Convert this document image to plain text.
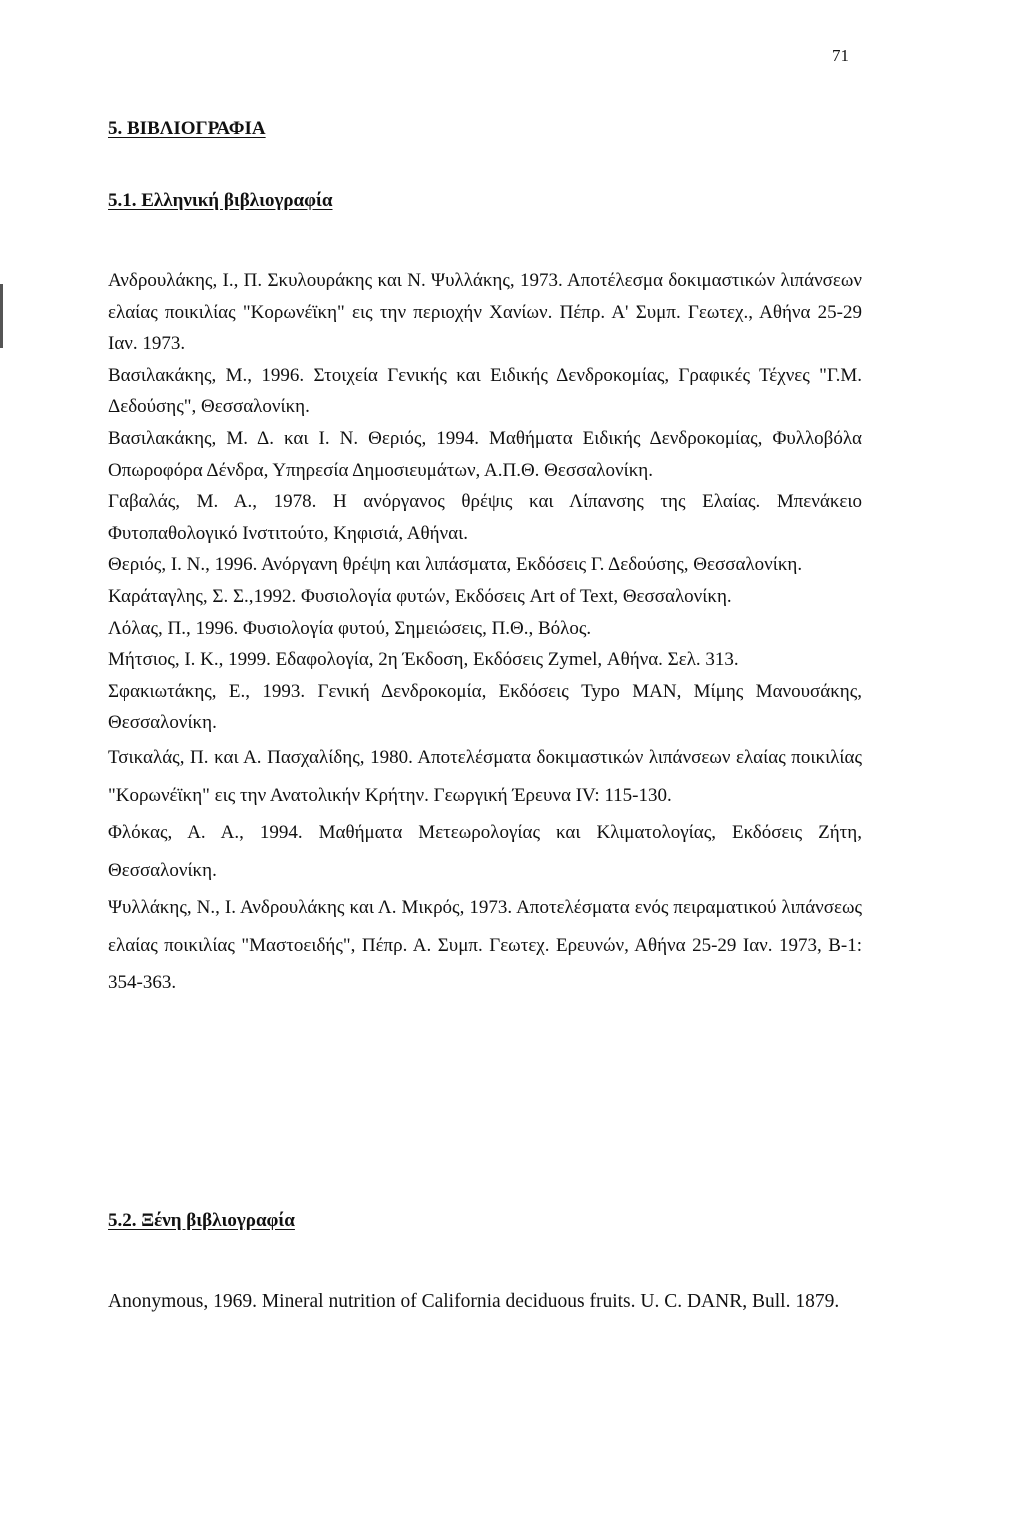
71
5. ΒΙΒΛΙΟΓΡΑΦΙΑ
5.1. Ελληνική βιβλιογραφία

Ανδρουλάκης, Ι., Π. Σκυλουράκης και Ν. Ψυλλάκης, 1973. Αποτέλεσμα δοκιμαστικών λιπάνσεων ελαίας ποικιλίας "Κορωνέϊκη" εις την περιοχήν Χανίων. Πέπρ. Α' Συμπ. Γεωτεχ., Αθήνα 25-29 Ιαν. 1973.

Βασιλακάκης, Μ., 1996. Στοιχεία Γενικής και Ειδικής Δενδροκομίας, Γραφικές Τέχνες "Γ.Μ. Δεδούσης", Θεσσαλονίκη.

Βασιλακάκης, Μ. Δ. και Ι. Ν. Θεριός, 1994. Μαθήματα Ειδικής Δενδροκομίας, Φυλλοβόλα Οπωροφόρα Δένδρα, Υπηρεσία Δημοσιευμάτων, Α.Π.Θ. Θεσσαλονίκη.

Γαβαλάς, Μ. Α., 1978. Η ανόργανος θρέψις και Λίπανσης της Ελαίας. Μπενάκειο Φυτοπαθολογικό Ινστιτούτο, Κηφισιά, Αθήναι.

Θεριός, Ι. Ν., 1996. Ανόργανη θρέψη και λιπάσματα, Εκδόσεις Γ. Δεδούσης, Θεσσαλονίκη.

Καράταγλης, Σ. Σ.,1992. Φυσιολογία φυτών, Εκδόσεις Art of Text, Θεσσαλονίκη.

Λόλας, Π., 1996. Φυσιολογία φυτού, Σημειώσεις, Π.Θ., Βόλος.

Μήτσιος, Ι. Κ., 1999. Εδαφολογία, 2η Έκδοση, Εκδόσεις Zymel, Αθήνα. Σελ. 313.

Σφακιωτάκης, Ε., 1993. Γενική Δενδροκομία, Εκδόσεις Typo MAN, Μίμης Μανουσάκης, Θεσσαλονίκη.

Τσικαλάς, Π. και Α. Πασχαλίδης, 1980. Αποτελέσματα δοκιμαστικών λιπάνσεων ελαίας ποικιλίας "Κορωνέϊκη" εις την Ανατολικήν Κρήτην. Γεωργική Έρευνα IV: 115-130.

Φλόκας, Α. Α., 1994. Μαθήματα Μετεωρολογίας και Κλιματολογίας, Εκδόσεις Ζήτη, Θεσσαλονίκη.

Ψυλλάκης, Ν., Ι. Ανδρουλάκης και Λ. Μικρός, 1973. Αποτελέσματα ενός πειραματικού λιπάνσεως ελαίας ποικιλίας "Μαστοειδής", Πέπρ. Α. Συμπ. Γεωτεχ. Ερευνών, Αθήνα 25-29 Ιαν. 1973, Β-1: 354-363.

5.2. Ξένη βιβλιογραφία

Anonymous, 1969. Mineral nutrition of California deciduous fruits. U. C. DANR, Bull. 1879.
